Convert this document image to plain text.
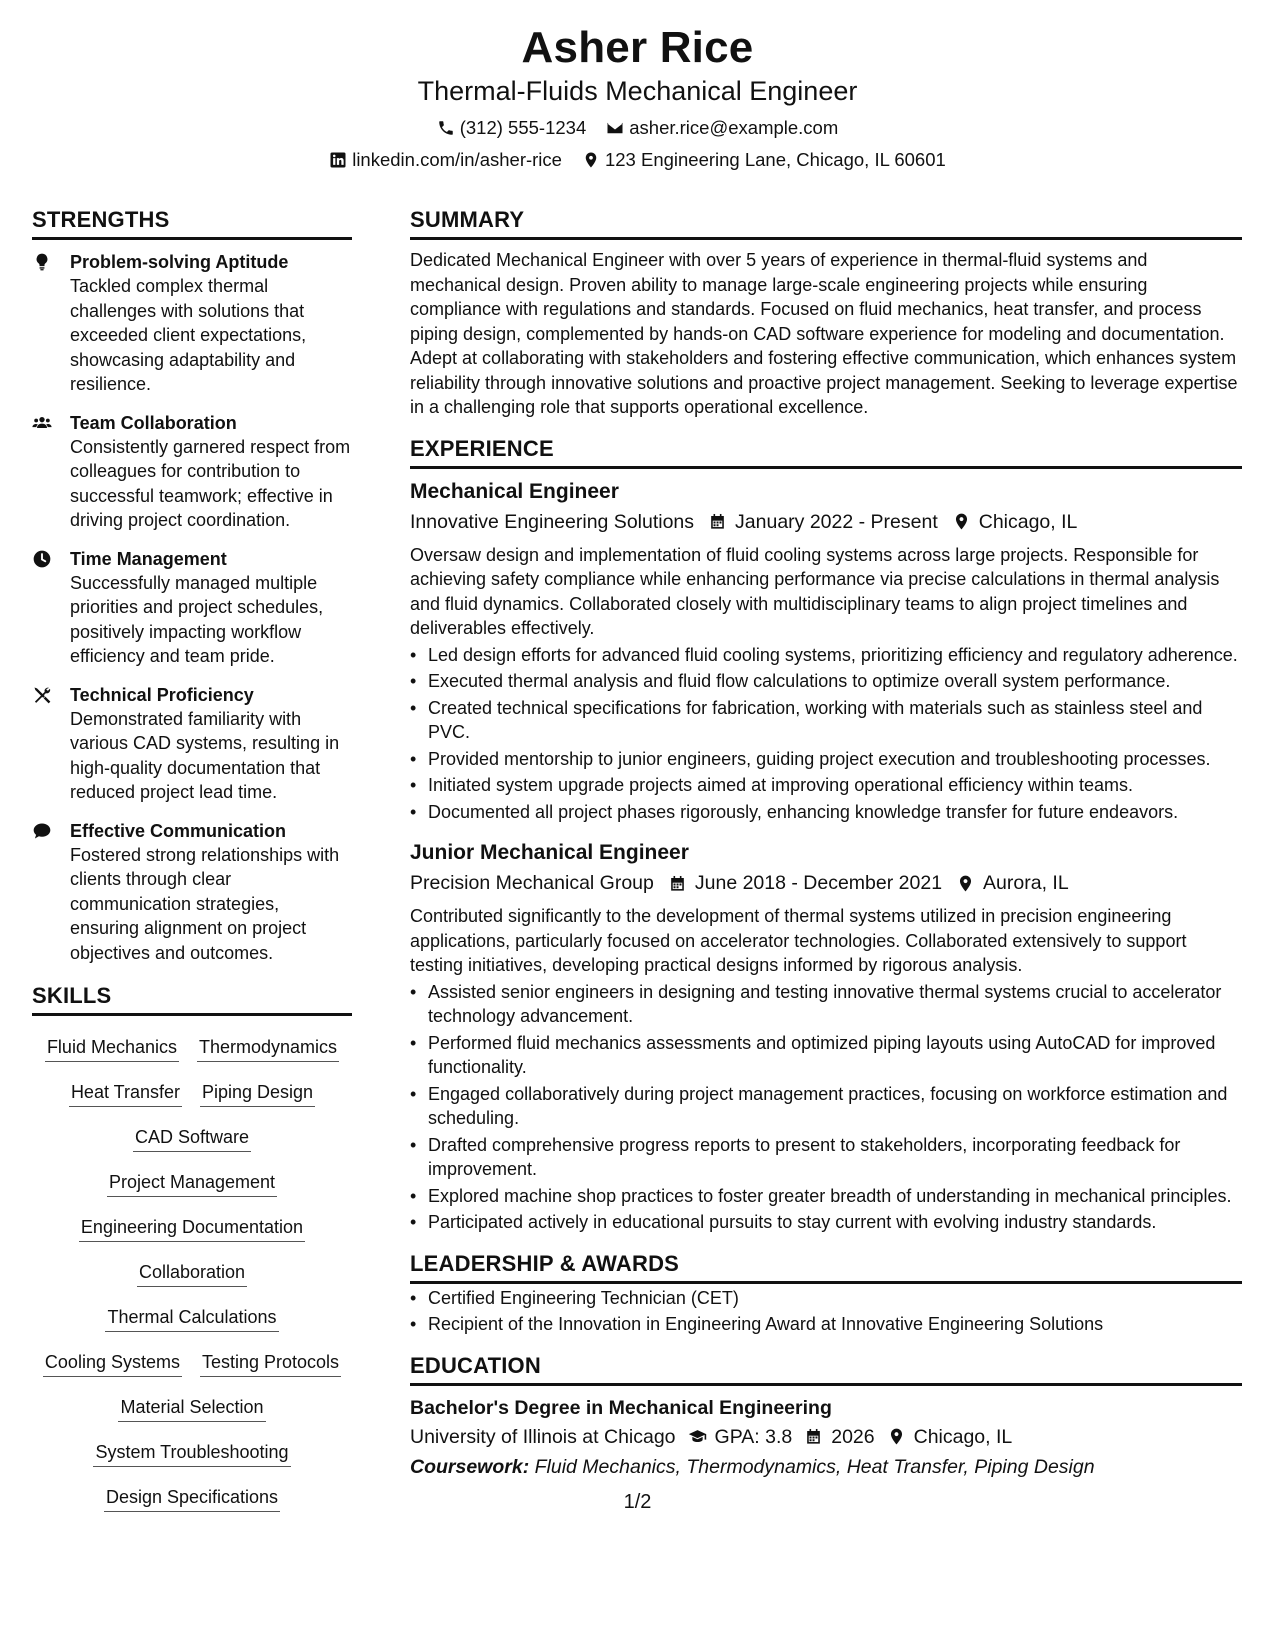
Asher Rice
Thermal-Fluids Mechanical Engineer
(312) 555-1234 asher.rice@example.com
linkedin.com/in/asher-rice 123 Engineering Lane, Chicago, IL 60601
STRENGTHS
Problem-solving Aptitude
Tackled complex thermal challenges with solutions that exceeded client expectations, showcasing adaptability and resilience.
Team Collaboration
Consistently garnered respect from colleagues for contribution to successful teamwork; effective in driving project coordination.
Time Management
Successfully managed multiple priorities and project schedules, positively impacting workflow efficiency and team pride.
Technical Proficiency
Demonstrated familiarity with various CAD systems, resulting in high-quality documentation that reduced project lead time.
Effective Communication
Fostered strong relationships with clients through clear communication strategies, ensuring alignment on project objectives and outcomes.
SKILLS
Fluid Mechanics Thermodynamics
Heat Transfer Piping Design
CAD Software
Project Management
Engineering Documentation
Collaboration
Thermal Calculations
Cooling Systems Testing Protocols
Material Selection
System Troubleshooting
Design Specifications
SUMMARY
Dedicated Mechanical Engineer with over 5 years of experience in thermal-fluid systems and mechanical design. Proven ability to manage large-scale engineering projects while ensuring compliance with regulations and standards. Focused on fluid mechanics, heat transfer, and process piping design, complemented by hands-on CAD software experience for modeling and documentation. Adept at collaborating with stakeholders and fostering effective communication, which enhances system reliability through innovative solutions and proactive project management. Seeking to leverage expertise in a challenging role that supports operational excellence.
EXPERIENCE
Mechanical Engineer
Innovative Engineering Solutions January 2022 - Present Chicago, IL
Oversaw design and implementation of fluid cooling systems across large projects. Responsible for achieving safety compliance while enhancing performance via precise calculations in thermal analysis and fluid dynamics. Collaborated closely with multidisciplinary teams to align project timelines and deliverables effectively.
• Led design efforts for advanced fluid cooling systems, prioritizing efficiency and regulatory adherence.
• Executed thermal analysis and fluid flow calculations to optimize overall system performance.
• Created technical specifications for fabrication, working with materials such as stainless steel and PVC.
• Provided mentorship to junior engineers, guiding project execution and troubleshooting processes.
• Initiated system upgrade projects aimed at improving operational efficiency within teams.
• Documented all project phases rigorously, enhancing knowledge transfer for future endeavors.
Junior Mechanical Engineer
Precision Mechanical Group June 2018 - December 2021 Aurora, IL
Contributed significantly to the development of thermal systems utilized in precision engineering applications, particularly focused on accelerator technologies. Collaborated extensively to support testing initiatives, developing practical designs informed by rigorous analysis.
• Assisted senior engineers in designing and testing innovative thermal systems crucial to accelerator technology advancement.
• Performed fluid mechanics assessments and optimized piping layouts using AutoCAD for improved functionality.
• Engaged collaboratively during project management practices, focusing on workforce estimation and scheduling.
• Drafted comprehensive progress reports to present to stakeholders, incorporating feedback for improvement.
• Explored machine shop practices to foster greater breadth of understanding in mechanical principles.
• Participated actively in educational pursuits to stay current with evolving industry standards.
LEADERSHIP & AWARDS
• Certified Engineering Technician (CET)
• Recipient of the Innovation in Engineering Award at Innovative Engineering Solutions
EDUCATION
Bachelor's Degree in Mechanical Engineering
University of Illinois at Chicago GPA: 3.8 2026 Chicago, IL
Coursework: Fluid Mechanics, Thermodynamics, Heat Transfer, Piping Design
1/2
